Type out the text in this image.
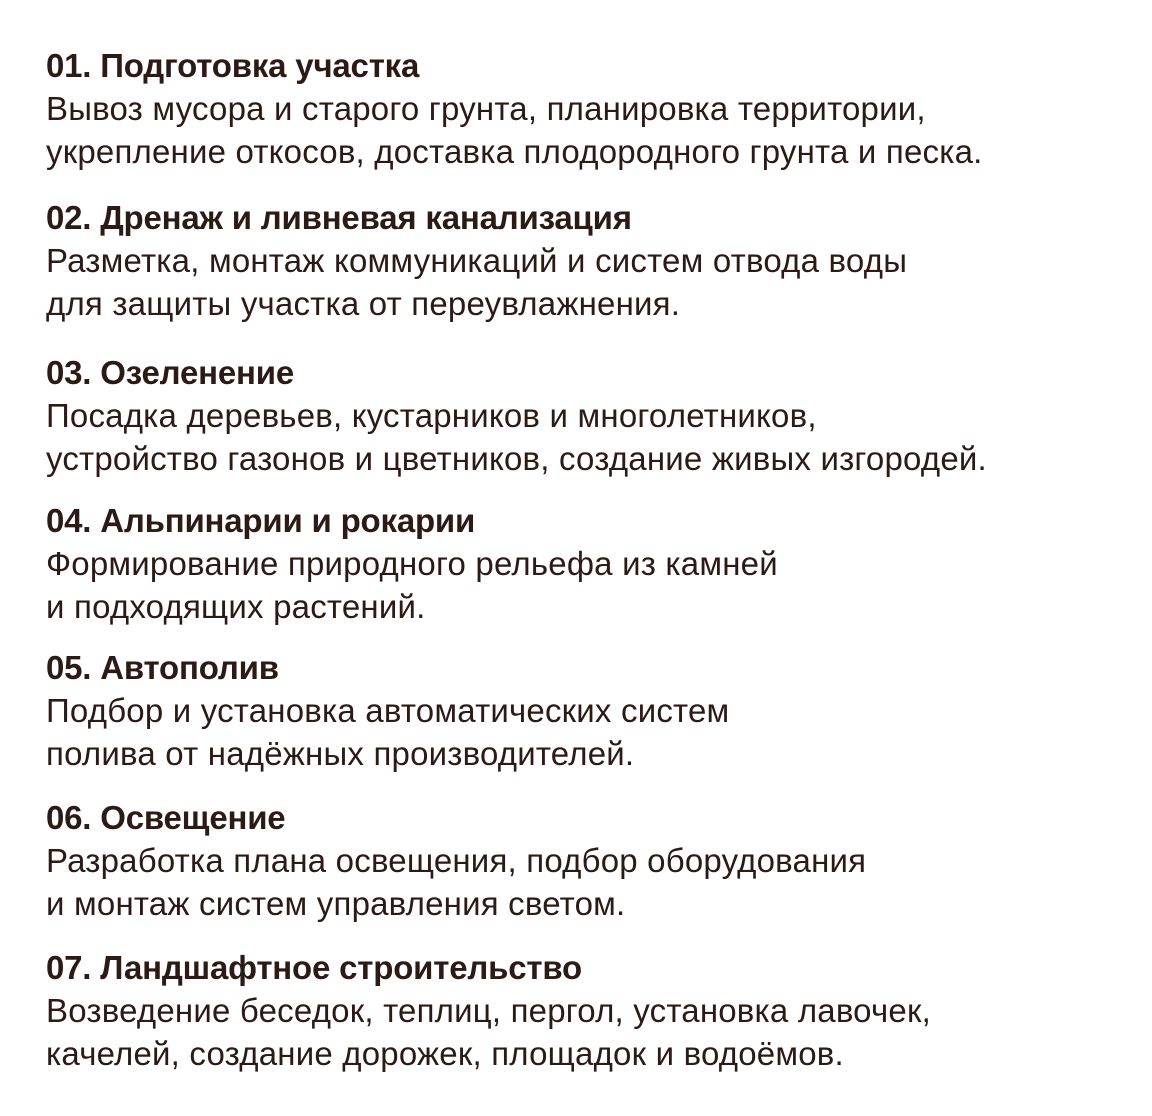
01. Подготовка участка
Вывоз мусора и старого грунта, планировка территории,
укрепление откосов, доставка плодородного грунта и песка.
02. Дренаж и ливневая канализация
Разметка, монтаж коммуникаций и систем отвода воды
для защиты участка от переувлажнения.
03. Озеленение
Посадка деревьев, кустарников и многолетников,
устройство газонов и цветников, создание живых изгородей.
04. Альпинарии и рокарии
Формирование природного рельефа из камней
и подходящих растений.
05. Автополив
Подбор и установка автоматических систем
полива от надёжных производителей.
06. Освещение
Разработка плана освещения, подбор оборудования
и монтаж систем управления светом.
07. Ландшафтное строительство
Возведение беседок, теплиц, пергол, установка лавочек,
качелей, создание дорожек, площадок и водоёмов.
